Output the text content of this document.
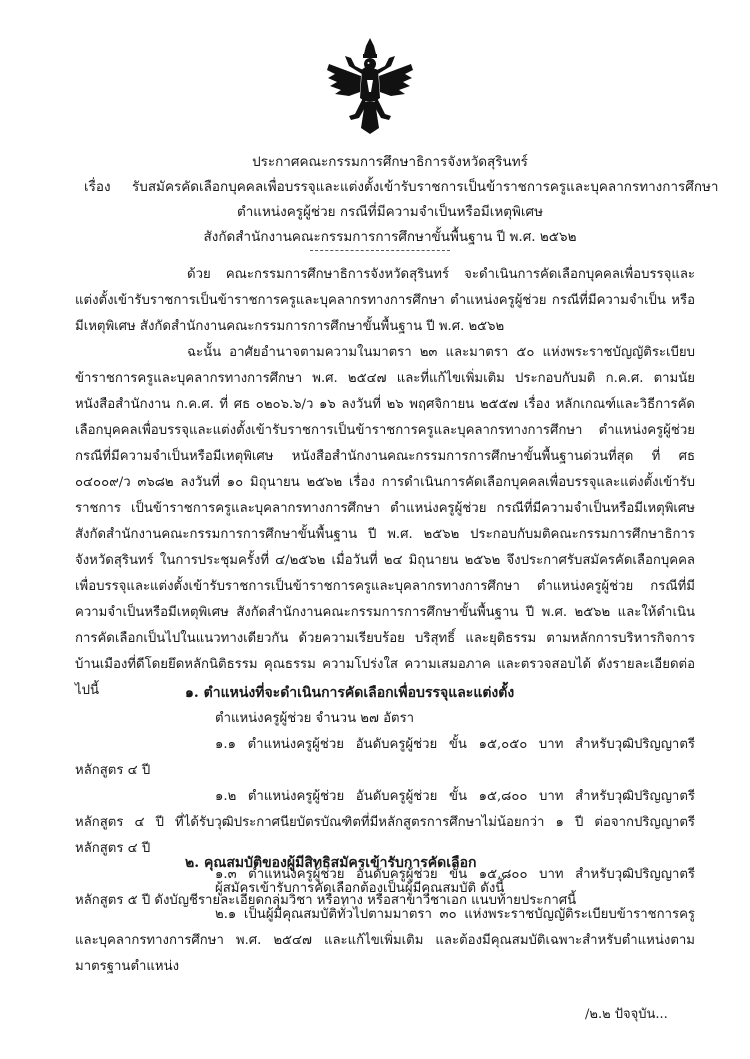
ประกาศคณะกรรมการศึกษาธิการจังหวัดสุรินทร์
เรื่อง รับสมัครคัดเลือกบุคคลเพื่อบรรจุและแต่งตั้งเข้ารับราชการเป็นข้าราชการครูและบุคลากรทางการศึกษา
ตำแหน่งครูผู้ช่วย กรณีที่มีความจำเป็นหรือมีเหตุพิเศษ
สังกัดสำนักงานคณะกรรมการการศึกษาขั้นพื้นฐาน ปี พ.ศ. ๒๕๖๒

ด้วย คณะกรรมการศึกษาธิการจังหวัดสุรินทร์ จะดำเนินการคัดเลือกบุคคลเพื่อบรรจุและแต่งตั้งเข้ารับราชการเป็นข้าราชการครูและบุคลากรทางการศึกษา ตำแหน่งครูผู้ช่วย กรณีที่มีความจำเป็น หรือมีเหตุพิเศษ สังกัดสำนักงานคณะกรรมการการศึกษาขั้นพื้นฐาน ปี พ.ศ. ๒๕๖๒

ฉะนั้น อาศัยอำนาจตามความในมาตรา ๒๓ และมาตรา ๕๐ แห่งพระราชบัญญัติระเบียบข้าราชการครูและบุคลากรทางการศึกษา พ.ศ. ๒๕๔๗ และที่แก้ไขเพิ่มเติม ประกอบกับมติ ก.ค.ศ. ตามนัยหนังสือสำนักงาน ก.ค.ศ. ที่ ศธ ๐๒๐๖.๖/ว ๑๖ ลงวันที่ ๒๖ พฤศจิกายน ๒๕๕๗ เรื่อง หลักเกณฑ์และวิธีการคัดเลือกบุคคลเพื่อบรรจุและแต่งตั้งเข้ารับราชการเป็นข้าราชการครูและบุคลากรทางการศึกษา ตำแหน่งครูผู้ช่วย กรณีที่มีความจำเป็นหรือมีเหตุพิเศษ หนังสือสำนักงานคณะกรรมการการศึกษาขั้นพื้นฐานด่วนที่สุด ที่ ศธ ๐๔๐๐๙/ว ๓๖๘๒ ลงวันที่ ๑๐ มิถุนายน ๒๕๖๒ เรื่อง การดำเนินการคัดเลือกบุคคลเพื่อบรรจุและแต่งตั้งเข้ารับราชการ เป็นข้าราชการครูและบุคลากรทางการศึกษา ตำแหน่งครูผู้ช่วย กรณีที่มีความจำเป็นหรือมีเหตุพิเศษ สังกัดสำนักงานคณะกรรมการการศึกษาขั้นพื้นฐาน ปี พ.ศ. ๒๕๖๒ ประกอบกับมติคณะกรรมการศึกษาธิการจังหวัดสุรินทร์ ในการประชุมครั้งที่ ๔/๒๕๖๒ เมื่อวันที่ ๒๔ มิถุนายน ๒๕๖๒ จึงประกาศรับสมัครคัดเลือกบุคคลเพื่อบรรจุและแต่งตั้งเข้ารับราชการเป็นข้าราชการครูและบุคลากรทางการศึกษา ตำแหน่งครูผู้ช่วย กรณีที่มีความจำเป็นหรือมีเหตุพิเศษ สังกัดสำนักงานคณะกรรมการการศึกษาขั้นพื้นฐาน ปี พ.ศ. ๒๕๖๒ และให้ดำเนินการคัดเลือกเป็นไปในแนวทางเดียวกัน ด้วยความเรียบร้อย บริสุทธิ์ และยุติธรรม ตามหลักการบริหารกิจการบ้านเมืองที่ดีโดยยึดหลักนิติธรรม คุณธรรม ความโปร่งใส ความเสมอภาค และตรวจสอบได้ ดังรายละเอียดต่อไปนี้	๑. ตำแหน่งที่จะดำเนินการคัดเลือกเพื่อบรรจุและแต่งตั้ง
ตำแหน่งครูผู้ช่วย จำนวน ๒๗ อัตรา
๑.๑ ตำแหน่งครูผู้ช่วย อันดับครูผู้ช่วย ขั้น ๑๕,๐๕๐ บาท สำหรับวุฒิปริญญาตรีหลักสูตร ๔ ปี
๑.๒ ตำแหน่งครูผู้ช่วย อันดับครูผู้ช่วย ขั้น ๑๕,๘๐๐ บาท สำหรับวุฒิปริญญาตรีหลักสูตร ๔ ปี ที่ได้รับวุฒิประกาศนียบัตรบัณฑิตที่มีหลักสูตรการศึกษาไม่น้อยกว่า ๑ ปี ต่อจากปริญญาตรีหลักสูตร ๔ ปี
๑.๓ ตำแหน่งครูผู้ช่วย อันดับครูผู้ช่วย ขั้น ๑๕,๘๐๐ บาท สำหรับวุฒิปริญญาตรีหลักสูตร ๕ ปี ดังบัญชีรายละเอียดกลุ่มวิชา หรือทาง หรือสาขาวิชาเอก แนบท้ายประกาศนี้
๒. คุณสมบัติของผู้มีสิทธิสมัครเข้ารับการคัดเลือก
ผู้สมัครเข้ารับการคัดเลือกต้องเป็นผู้มีคุณสมบัติ ดังนี้
๒.๑ เป็นผู้มีคุณสมบัติทั่วไปตามมาตรา ๓๐ แห่งพระราชบัญญัติระเบียบข้าราชการครูและบุคลากรทางการศึกษา พ.ศ. ๒๕๔๗ และแก้ไขเพิ่มเติม และต้องมีคุณสมบัติเฉพาะสำหรับตำแหน่งตามมาตรฐานตำแหน่ง
/๒.๒ ปัจจุบัน...
